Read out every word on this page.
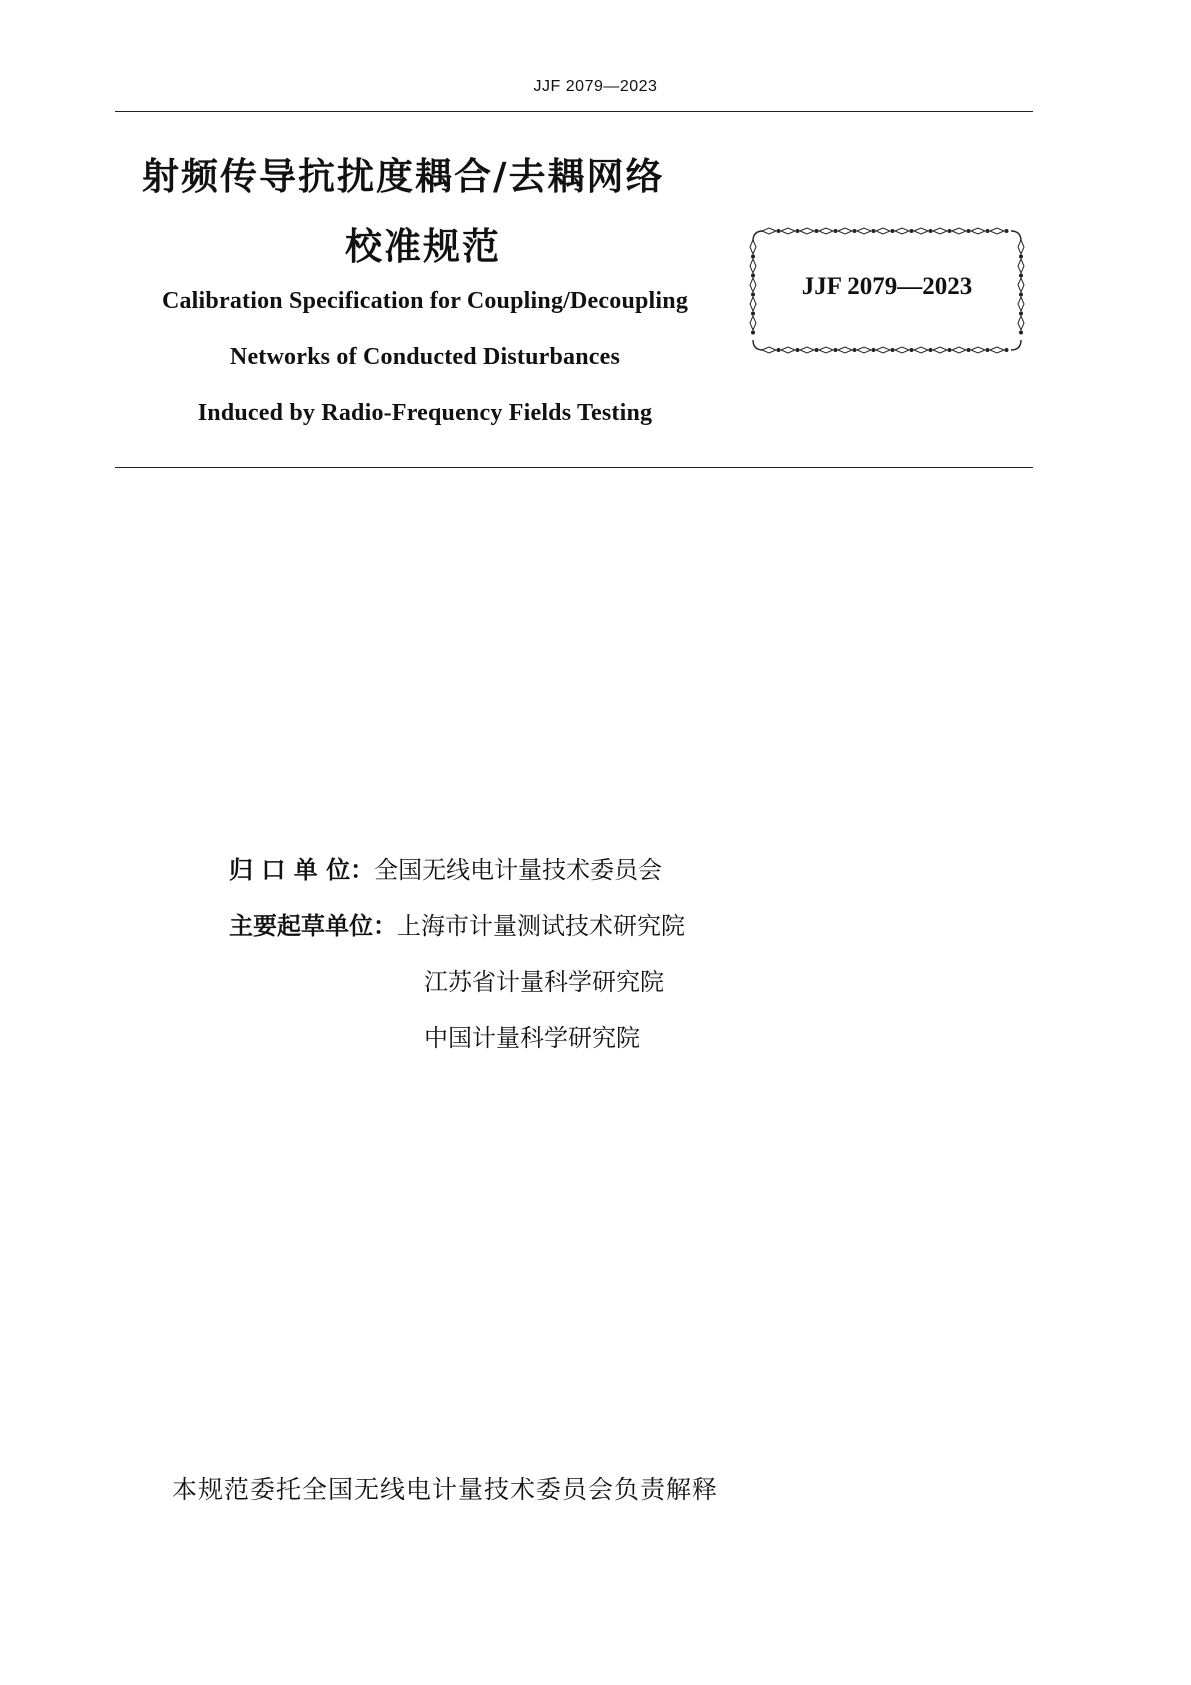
JJF 2079—2023
射频传导抗扰度耦合/去耦网络
校准规范
Calibration Specification for Coupling/Decoupling
Networks of Conducted Disturbances
Induced by Radio-Frequency Fields Testing
JJF 2079—2023
归 口 单 位：全国无线电计量技术委员会
主要起草单位：上海市计量测试技术研究院
江苏省计量科学研究院
中国计量科学研究院
本规范委托全国无线电计量技术委员会负责解释
